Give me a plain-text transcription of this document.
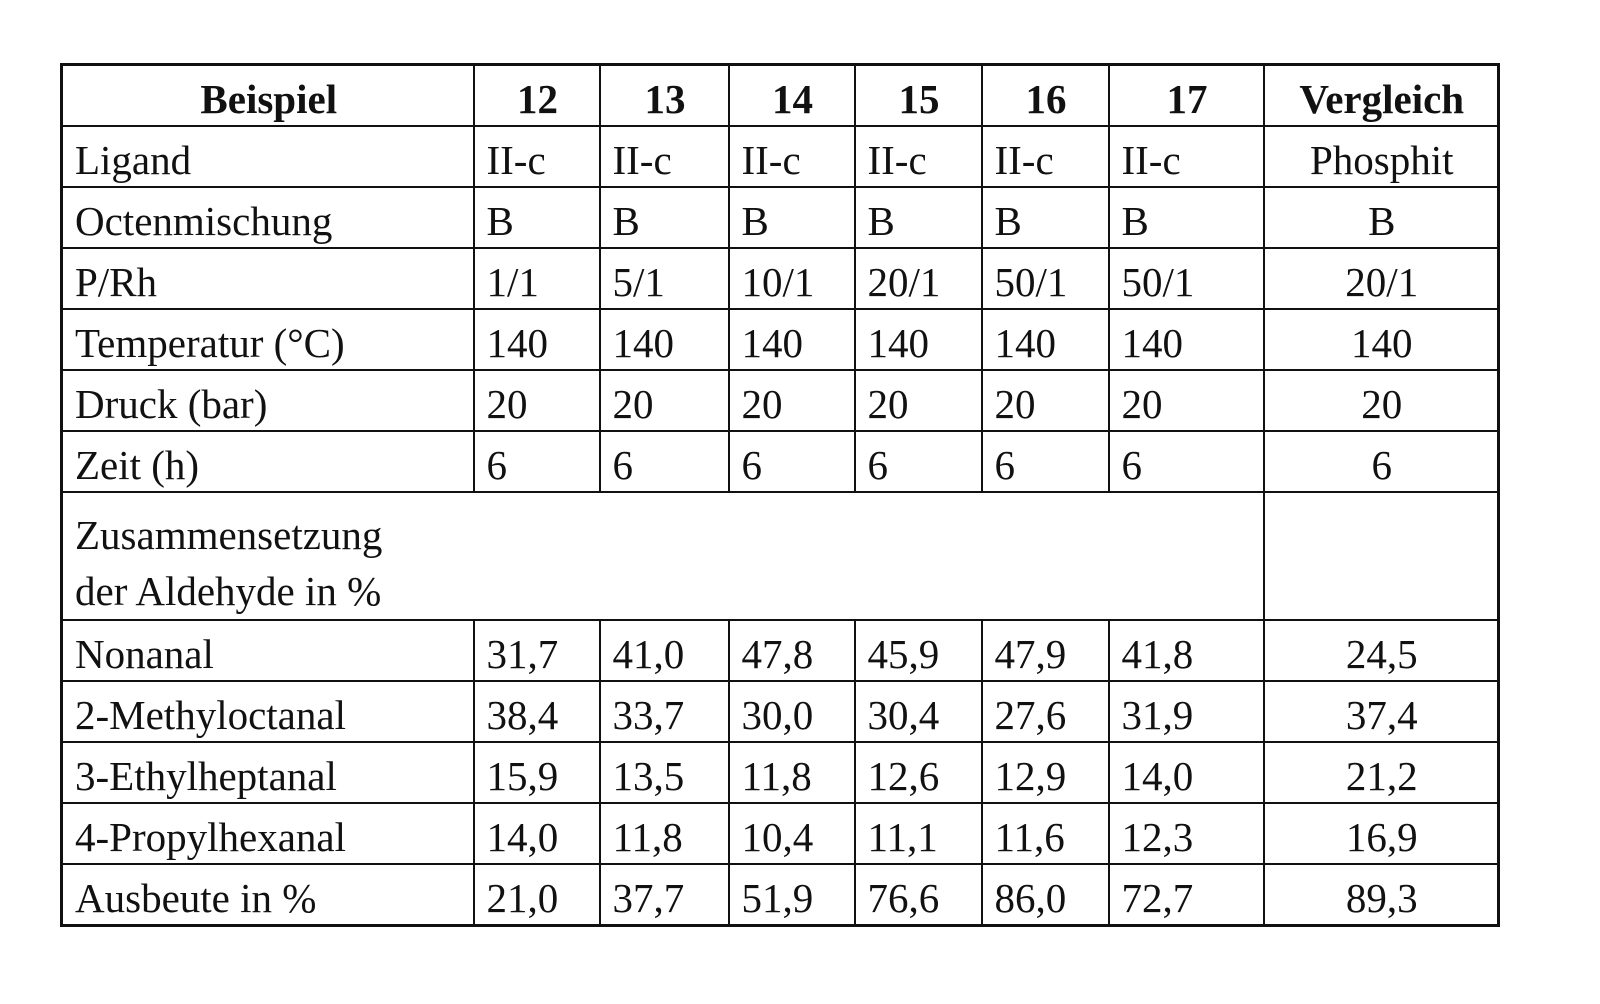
Beispiel	12	13	14	15	16	17	Vergleich
Ligand	II-c	II-c	II-c	II-c	II-c	II-c	Phosphit
Octenmischung	B	B	B	B	B	B	B
P/Rh	1/1	5/1	10/1	20/1	50/1	50/1	20/1
Temperatur (°C)	140	140	140	140	140	140	140
Druck (bar)	20	20	20	20	20	20	20
Zeit (h)	6	6	6	6	6	6	6
Zusammensetzung
der Aldehyde in %	
Nonanal	31,7	41,0	47,8	45,9	47,9	41,8	24,5
2-Methyloctanal	38,4	33,7	30,0	30,4	27,6	31,9	37,4
3-Ethylheptanal	15,9	13,5	11,8	12,6	12,9	14,0	21,2
4-Propylhexanal	14,0	11,8	10,4	11,1	11,6	12,3	16,9
Ausbeute in %	21,0	37,7	51,9	76,6	86,0	72,7	89,3
